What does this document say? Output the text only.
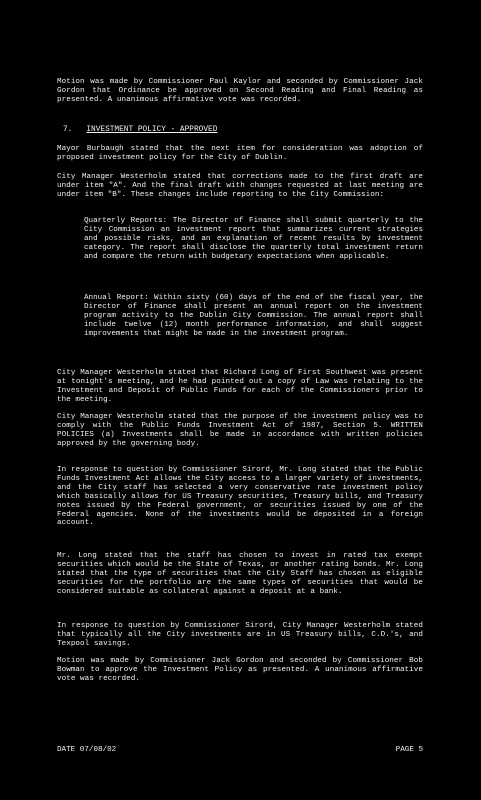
Motion was made by Commissioner Paul Kaylor and seconded by Commissioner Jack Gordon that Ordinance be approved on Second Reading and Final Reading as presented. A unanimous affirmative vote was recorded.

7. INVESTMENT POLICY - APPROVED

Mayor Burbaugh stated that the next item for consideration was adoption of proposed investment policy for the City of Dublin.

City Manager Westerholm stated that corrections made to the first draft are under item "A". And the final draft with changes requested at last meeting are under item "B". These changes include reporting to the City Commission:

Quarterly Reports: The Director of Finance shall submit quarterly to the City Commission an investment report that summarizes current strategies and possible risks, and an explanation of recent results by investment category. The report shall disclose the quarterly total investment return and compare the return with budgetary expectations when applicable.

Annual Report: Within sixty (60) days of the end of the fiscal year, the Director of Finance shall present an annual report on the investment program activity to the Dublin City Commission. The annual report shall include twelve (12) month performance information, and shall suggest improvements that might be made in the investment program.

City Manager Westerholm stated that Richard Long of First Southwest was present at tonight's meeting, and he had pointed out a copy of Law was relating to the Investment and Deposit of Public Funds for each of the Commissioners prior to the meeting.

City Manager Westerholm stated that the purpose of the investment policy was to comply with the Public Funds Investment Act of 1987, Section 5. WRITTEN POLICIES (a) Investments shall be made in accordance with written policies approved by the governing body.

In response to question by Commissioner Sirord, Mr. Long stated that the Public Funds Investment Act allows the City access to a larger variety of investments, and the City staff has selected a very conservative rate investment policy which basically allows for US Treasury securities, Treasury bills, and Treasury notes issued by the Federal government, or securities issued by one of the Federal agencies. None of the investments would be deposited in a foreign account.

Mr. Long stated that the staff has chosen to invest in rated tax exempt securities which would be the State of Texas, or another rating bonds. Mr. Long stated that the type of securities that the City Staff has chosen as eligible securities for the portfolio are the same types of securities that would be considered suitable as collateral against a deposit at a bank.

In response to question by Commissioner Sirord, City Manager Westerholm stated that typically all the City investments are in US Treasury bills, C.D.'s, and Texpool savings.

Motion was made by Commissioner Jack Gordon and seconded by Commissioner Bob Bowman to approve the Investment Policy as presented. A unanimous affirmative vote was recorded.

DATE 07/08/02	PAGE 5
